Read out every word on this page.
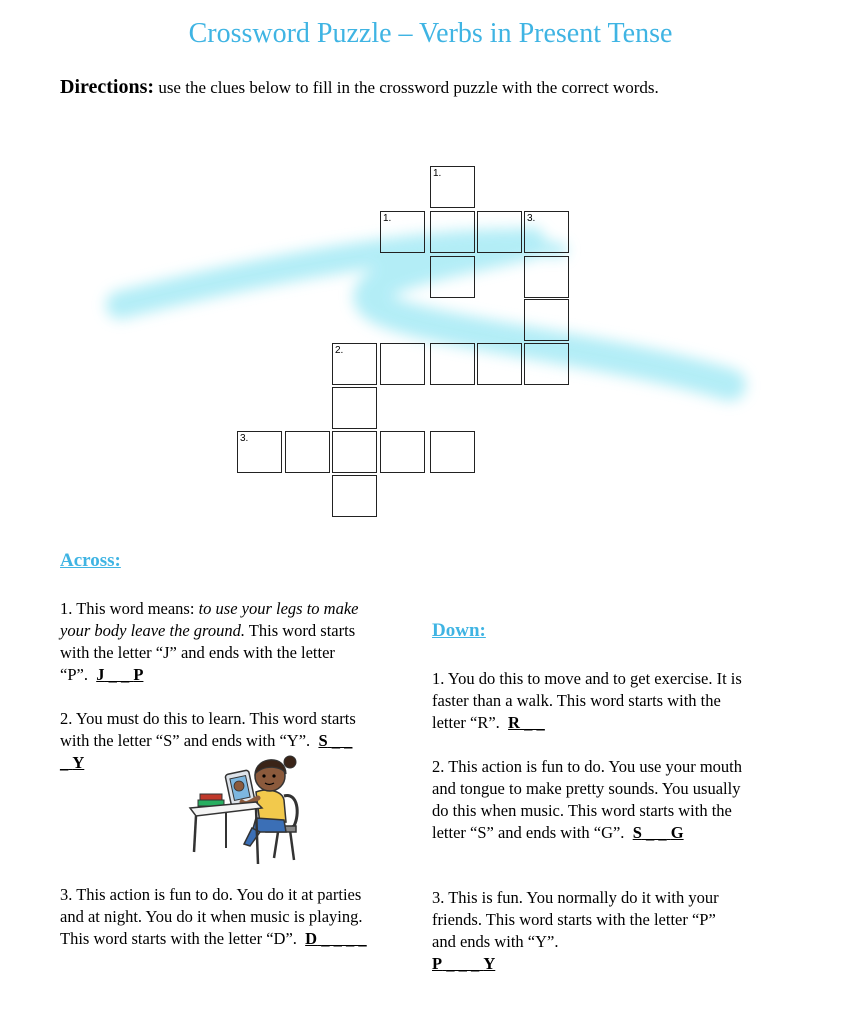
Crossword Puzzle – Verbs in Present Tense
Directions: use the clues below to fill in the crossword puzzle with the correct words.
1.
1.	3.
2.
3.
Across:
Down:
1. This word means: to use your legs to make your body leave the ground. This word starts with the letter “J” and ends with the letter “P”. J _ _ P
2. You must do this to learn. This word starts with the letter “S” and ends with “Y”. S _ _ _ Y
3. This action is fun to do. You do it at parties and at night. You do it when music is playing. This word starts with the letter “D”. D _ _ _ _
1. You do this to move and to get exercise. It is faster than a walk. This word starts with the letter “R”. R _ _
2. This action is fun to do. You use your mouth and tongue to make pretty sounds. You usually do this when music. This word starts with the letter “S” and ends with “G”. S _ _ G
3. This is fun. You normally do it with your friends. This word starts with the letter “P” and ends with “Y”.
P _ _ _ Y
